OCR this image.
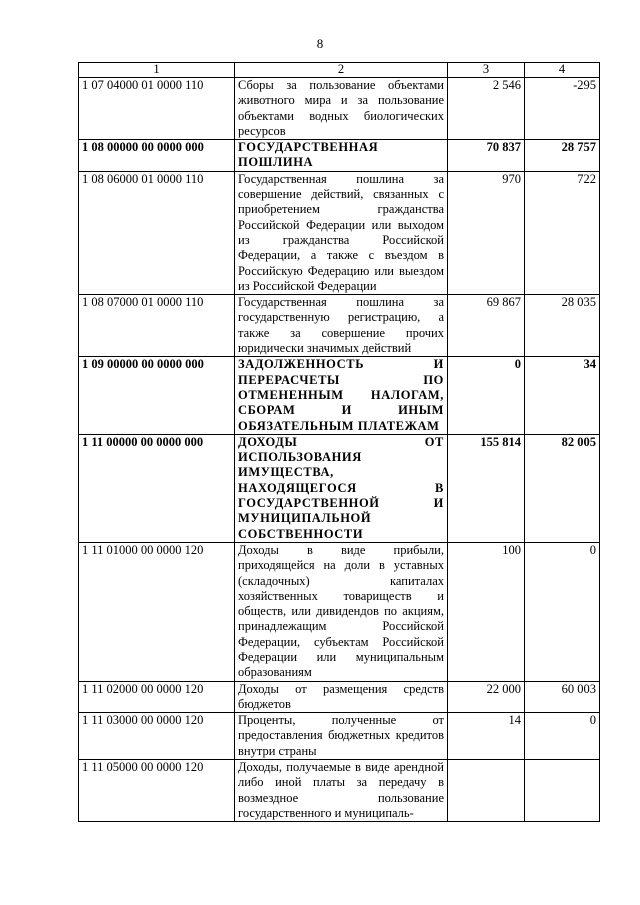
8
1	2	3	4
1 07 04000 01 0000 110	Сборы за пользование объектами животного мира и за пользование объектами водных биологических ресурсов	2 546	-295
1 08 00000 00 0000 000	ГОСУДАРСТВЕННАЯ ПОШЛИНА	70 837	28 757
1 08 06000 01 0000 110	Государственная пошлина за совершение действий, связанных с приобретением гражданства Российской Федерации или выходом из гражданства Российской Федерации, а также с въездом в Российскую Федерацию или выездом из Российской Федерации	970	722
1 08 07000 01 0000 110	Государственная пошлина за государственную регистрацию, а также за совершение прочих юридически значимых действий	69 867	28 035
1 09 00000 00 0000 000	ЗАДОЛЖЕННОСТЬ И ПЕРЕРАСЧЕТЫ ПО ОТМЕНЕННЫМ НАЛОГАМ, СБОРАМ И ИНЫМ ОБЯЗАТЕЛЬНЫМ ПЛАТЕЖАМ	0	34
1 11 00000 00 0000 000	ДОХОДЫ ОТ ИСПОЛЬЗОВАНИЯ ИМУЩЕСТВА, НАХОДЯЩЕГОСЯ В ГОСУДАРСТВЕННОЙ И МУНИЦИПАЛЬНОЙ СОБСТВЕННОСТИ	155 814	82 005
1 11 01000 00 0000 120	Доходы в виде прибыли, приходящейся на доли в уставных (складочных) капиталах хозяйственных товариществ и обществ, или дивидендов по акциям, принадлежащим Российской Федерации, субъектам Российской Федерации или муниципальным образованиям	100	0
1 11 02000 00 0000 120	Доходы от размещения средств бюджетов	22 000	60 003
1 11 03000 00 0000 120	Проценты, полученные от предоставления бюджетных кредитов внутри страны	14	0
1 11 05000 00 0000 120	Доходы, получаемые в виде арендной либо иной платы за передачу в возмездное пользование государственного и муниципаль-		
